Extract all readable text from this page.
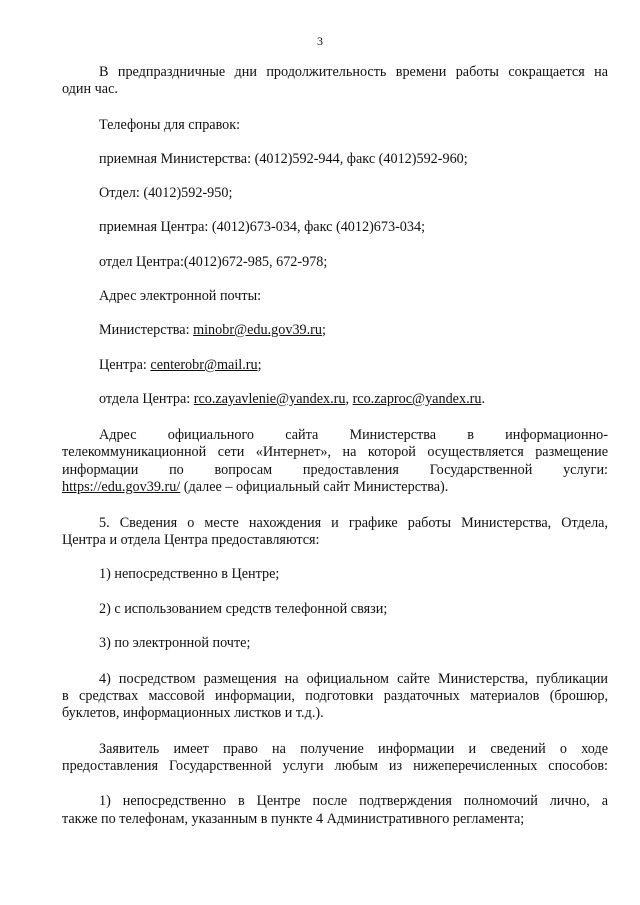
3
В предпраздничные дни продолжительность времени работы сокращается на
один час.
Телефоны для справок:
приемная Министерства: (4012)592-944, факс (4012)592-960;
Отдел: (4012)592-950;
приемная Центра: (4012)673-034, факс (4012)673-034;
отдел Центра:(4012)672-985, 672-978;
Адрес электронной почты:
Министерства: minobr@edu.gov39.ru;
Центра: centerobr@mail.ru;
отдела Центра: rco.zayavlenie@yandex.ru, rco.zaproc@yandex.ru.
Адрес официального сайта Министерства в информационно-
телекоммуникационной сети «Интернет», на которой осуществляется размещение
информации по вопросам предоставления Государственной услуги:
https://edu.gov39.ru/ (далее – официальный сайт Министерства).
5. Сведения о месте нахождения и графике работы Министерства, Отдела,
Центра и отдела Центра предоставляются:
1) непосредственно в Центре;
2) с использованием средств телефонной связи;
3) по электронной почте;
4) посредством размещения на официальном сайте Министерства, публикации
в средствах массовой информации, подготовки раздаточных материалов (брошюр,
буклетов, информационных листков и т.д.).
Заявитель имеет право на получение информации и сведений о ходе
предоставления Государственной услуги любым из нижеперечисленных способов:
1) непосредственно в Центре после подтверждения полномочий лично, а
также по телефонам, указанным в пункте 4 Административного регламента;
